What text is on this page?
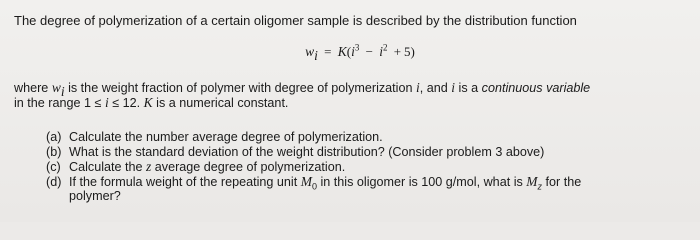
The degree of polymerization of a certain oligomer sample is described by the distribution function
$w_i = K(i^3 - i^2 + 5)$
where $w_i$ is the weight fraction of polymer with degree of polymerization i, and i is a continuous variable
in the range 1 ≤ i ≤ 12. K is a numerical constant.
(a) Calculate the number average degree of polymerization.
(b) What is the standard deviation of the weight distribution? (Consider problem 3 above)
(c) Calculate the z average degree of polymerization.
(d) If the formula weight of the repeating unit $M_0$ in this oligomer is 100 g/mol, what is $M_z$ for the
polymer?
